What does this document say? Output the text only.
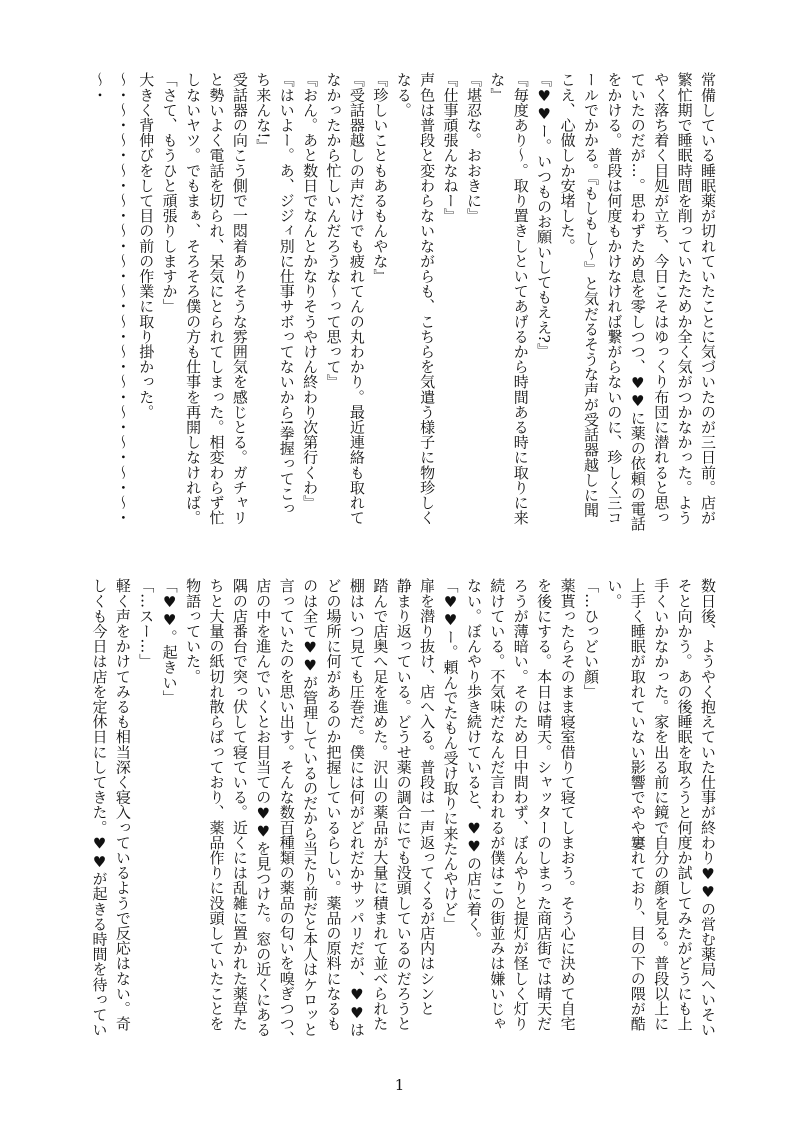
常備している睡眠薬が切れていたことに気づいたのが三日前。店が
繁忙期で睡眠時間を削っていたためか全く気がつかなかった。よう
やく落ち着く目処が立ち、今日こそはゆっくり布団に潜れると思っ
ていたのだが…。思わずため息を零しつつ、♥♥に薬の依頼の電話
をかける。普段は何度もかけなければ繋がらないのに、珍しく三コ
ールでかかる。『もしもし〜』と気だるそうな声が受話器越しに聞
こえ、心做しか安堵した。
『♥♥ー。いつものお願いしてもええ?』
『毎度あり〜。取り置きしといてあげるから時間ある時に取りに来
な』
『堪忍な。おおきに』
『仕事頑張んなねー』
声色は普段と変わらないながらも、こちらを気遣う様子に物珍しく
なる。
『珍しいこともあるもんやな』
『受話器越しの声だけでも疲れてんの丸わかり。最近連絡も取れて
なかったから忙しいんだろうな〜って思って』
『おん。あと数日でなんとかなりそうやけん終わり次第行くわ』
『はいよー。あ、ジジィ別に仕事サボってないから!拳握ってこっ
ち来んな!』
受話器の向こう側で一悶着ありそうな雰囲気を感じとる。ガチャリ
と勢いよく電話を切られ、呆気にとられてしまった。相変わらず忙
しないヤツ。でもまぁ、そろそろ僕の方も仕事を再開しなければ。
「さて、もうひと頑張りしますか」
大きく背伸びをして目の前の作業に取り掛かった。
〜・〜・〜・〜・〜・〜・〜・〜・〜・〜・〜・〜・〜・〜・〜・
〜・
数日後、ようやく抱えていた仕事が終わり♥♥の営む薬局へいそい
そと向かう。あの後睡眠を取ろうと何度か試してみたがどうにも上
手くいかなかった。家を出る前に鏡で自分の顔を見る。普段以上に
上手く睡眠が取れていない影響でやや窶れており、目の下の隈が酷
い。
「…ひっどい顔」
薬貰ったらそのまま寝室借りて寝てしまおう。そう心に決めて自宅
を後にする。本日は晴天。シャッターのしまった商店街では晴天だ
ろうが薄暗い。そのため日中問わず、ぼんやりと提灯が怪しく灯り
続けている。不気味だなんだ言われるが僕はこの街並みは嫌いじゃ
ない。ぼんやり歩き続けていると、♥♥の店に着く。
「♥♥ー。頼んでたもん受け取りに来たんやけど」
扉を潜り抜け、店へ入る。普段は一声返ってくるが店内はシンと
静まり返っている。どうせ薬の調合にでも没頭しているのだろうと
踏んで店奥へ足を進めた。沢山の薬品が大量に積まれて並べられた
棚はいつ見ても圧巻だ。僕には何がどれだかサッパリだが、♥♥は
どの場所に何があるのか把握しているらしい。薬品の原料になるも
のは全て♥♥が管理しているのだから当たり前だと本人はケロッと
言っていたのを思い出す。そんな数百種類の薬品の匂いを嗅ぎつつ、
店の中を進んでいくとお目当ての♥♥を見つけた。窓の近くにある
隅の店番台で突っ伏して寝ている。近くには乱雑に置かれた薬草た
ちと大量の紙切れ散らばっており、薬品作りに没頭していたことを
物語っていた。
「♥♥。起きい」
「…スー…」
軽く声をかけてみるも相当深く寝入っているようで反応はない。奇
しくも今日は店を定休日にしてきた。♥♥が起きる時間を待ってい
1
